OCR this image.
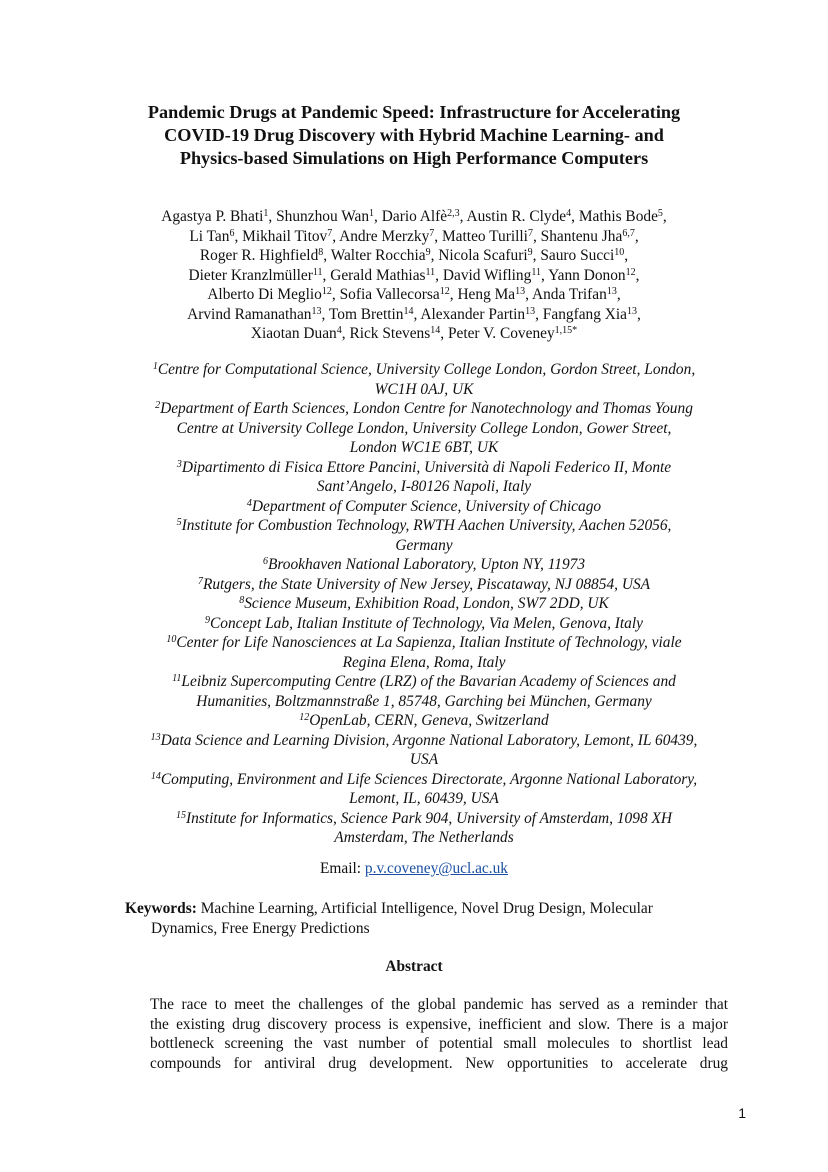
Pandemic Drugs at Pandemic Speed: Infrastructure for Accelerating
COVID-19 Drug Discovery with Hybrid Machine Learning- and
Physics-based Simulations on High Performance Computers
Agastya P. Bhati$^1$, Shunzhou Wan$^1$, Dario Alfè$^{2,3}$, Austin R. Clyde$^4$, Mathis Bode$^5$,
Li Tan$^6$, Mikhail Titov$^7$, Andre Merzky$^7$, Matteo Turilli$^7$, Shantenu Jha$^{6,7}$,
Roger R. Highfield$^8$, Walter Rocchia$^9$, Nicola Scafuri$^9$, Sauro Succi$^{10}$,
Dieter Kranzlmüller$^{11}$, Gerald Mathias$^{11}$, David Wifling$^{11}$, Yann Donon$^{12}$,
Alberto Di Meglio$^{12}$, Sofia Vallecorsa$^{12}$, Heng Ma$^{13}$, Anda Trifan$^{13}$,
Arvind Ramanathan$^{13}$, Tom Brettin$^{14}$, Alexander Partin$^{13}$, Fangfang Xia$^{13}$,
Xiaotan Duan$^4$, Rick Stevens$^{14}$, Peter V. Coveney$^{1,15*}$
$^1$Centre for Computational Science, University College London, Gordon Street, London,
WC1H 0AJ, UK
$^2$Department of Earth Sciences, London Centre for Nanotechnology and Thomas Young
Centre at University College London, University College London, Gower Street,
London WC1E 6BT, UK
$^3$Dipartimento di Fisica Ettore Pancini, Università di Napoli Federico II, Monte
Sant’Angelo, I-80126 Napoli, Italy
$^4$Department of Computer Science, University of Chicago
$^5$Institute for Combustion Technology, RWTH Aachen University, Aachen 52056,
Germany
$^6$Brookhaven National Laboratory, Upton NY, 11973
$^7$Rutgers, the State University of New Jersey, Piscataway, NJ 08854, USA
$^8$Science Museum, Exhibition Road, London, SW7 2DD, UK
$^9$Concept Lab, Italian Institute of Technology, Via Melen, Genova, Italy
$^{10}$Center for Life Nanosciences at La Sapienza, Italian Institute of Technology, viale
Regina Elena, Roma, Italy
$^{11}$Leibniz Supercomputing Centre (LRZ) of the Bavarian Academy of Sciences and
Humanities, Boltzmannstraße 1, 85748, Garching bei München, Germany
$^{12}$OpenLab, CERN, Geneva, Switzerland
$^{13}$Data Science and Learning Division, Argonne National Laboratory, Lemont, IL 60439,
USA
$^{14}$Computing, Environment and Life Sciences Directorate, Argonne National Laboratory,
Lemont, IL, 60439, USA
$^{15}$Institute for Informatics, Science Park 904, University of Amsterdam, 1098 XH
Amsterdam, The Netherlands
Email: p.v.coveney@ucl.ac.uk
Keywords: Machine Learning, Artificial Intelligence, Novel Drug Design, Molecular
Dynamics, Free Energy Predictions
Abstract
The race to meet the challenges of the global pandemic has served as a reminder that
the existing drug discovery process is expensive, inefficient and slow. There is a major
bottleneck screening the vast number of potential small molecules to shortlist lead
compounds for antiviral drug development. New opportunities to accelerate drug
1
